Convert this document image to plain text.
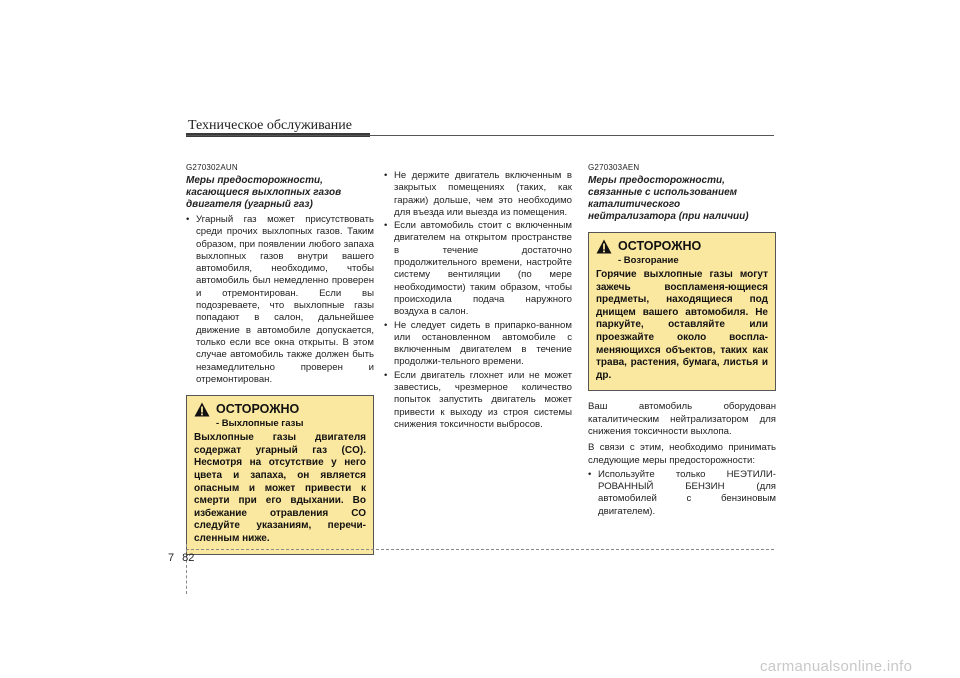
Техническое обслуживание
G270302AUN
Меры предосторожности,
касающиеся выхлопных газов
двигателя (угарный газ)
• Угарный газ может присутствовать среди прочих выхлопных газов. Таким образом, при появлении любого запаха выхлопных газов внутри вашего автомобиля, необходимо, чтобы автомобиль был немедленно проверен и отремонтирован. Если вы подозреваете, что выхлопные газы попадают в салон, дальнейшее движение в автомобиле допускается, только если все окна открыты. В этом случае автомобиль также должен быть незамедлительно проверен и отремонтирован.
ОСТОРОЖНО
- Выхлопные газы
Выхлопные газы двигателя содержат угарный газ (CO). Несмотря на отсутствие у него цвета и запаха, он является опасным и может привести к смерти при его вдыхании. Во избежание отравления СО следуйте указаниям, перечи-сленным ниже.
• Не держите двигатель включенным в закрытых помещениях (таких, как гаражи) дольше, чем это необходимо для въезда или выезда из помещения.
• Если автомобиль стоит с включенным двигателем на открытом пространстве в течение достаточно продолжительного времени, настройте систему вентиляции (по мере необходимости) таким образом, чтобы происходила подача наружного воздуха в салон.
• Не следует сидеть в припарко-ванном или остановленном автомобиле с включенным двигателем в течение продолжи-тельного времени.
• Если двигатель глохнет или не может завестись, чрезмерное количество попыток запустить двигатель может привести к выходу из строя системы снижения токсичности выбросов.
G270303AEN
Меры предосторожности,
связанные с использованием
каталитического
нейтрализатора (при наличии)
ОСТОРОЖНО
- Возгорание
Горячие выхлопные газы могут зажечь воспламеня-ющиеся предметы, находящиеся под днищем вашего автомобиля. Не паркуйте, оставляйте или проезжайте около воспла-меняющихся объектов, таких как трава, растения, бумага, листья и др.
Ваш автомобиль оборудован каталитическим нейтрализатором для снижения токсичности выхлопа.
В связи с этим, необходимо принимать следующие меры предосторожности:
• Используйте только НЕЭТИЛИ-РОВАННЫЙ БЕНЗИН (для автомобилей с бензиновым двигателем).
7 82
carmanualsonline.info
